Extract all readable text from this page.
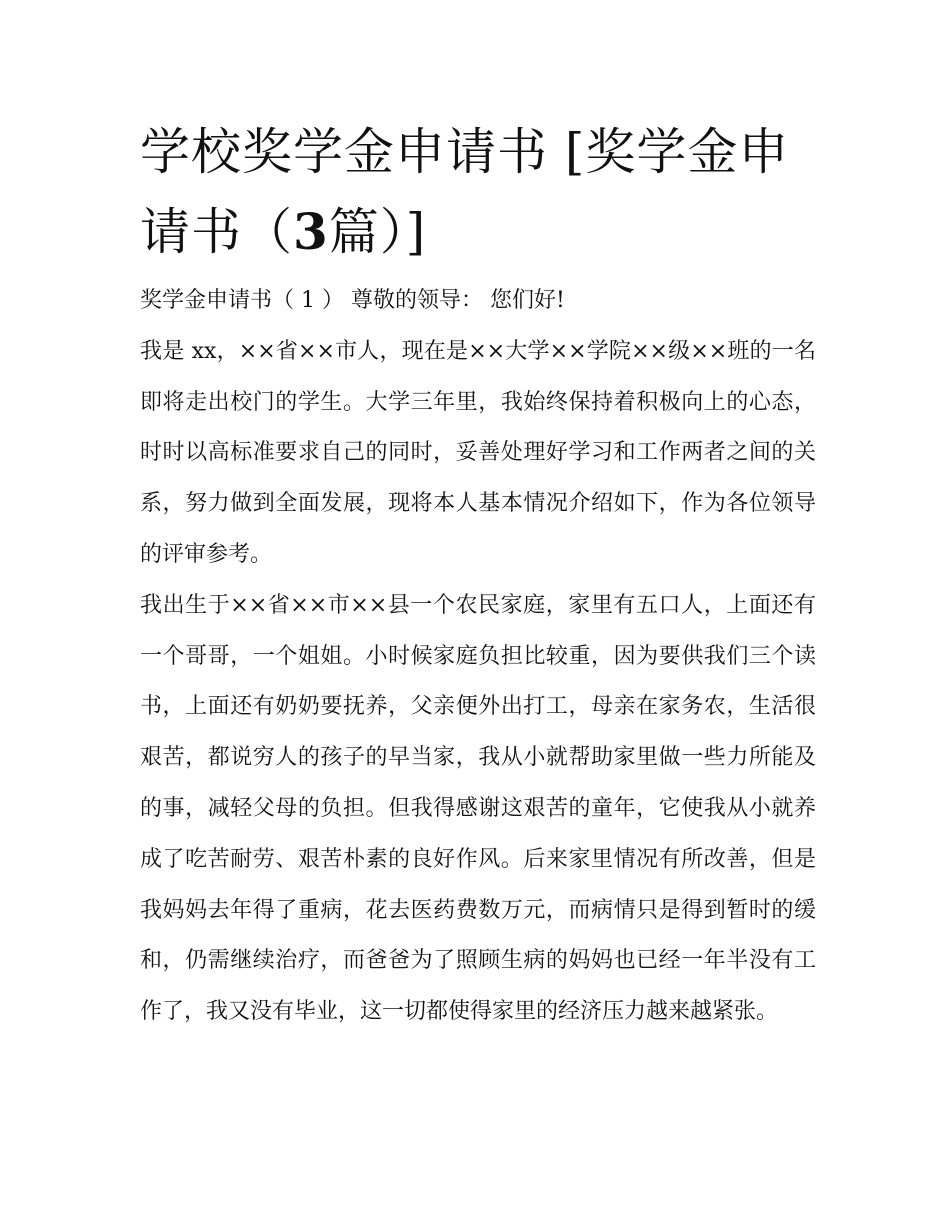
学校奖学金申请书 [奖学金申请书（3篇）]

奖学金申请书（ 1 ） 尊敬的领导： 您们好!

我是 xx，××省××市人，现在是××大学××学院××级××班的一名即将走出校门的学生。大学三年里，我始终保持着积极向上的心态，时时以高标准要求自己的同时，妥善处理好学习和工作两者之间的关系，努力做到全面发展，现将本人基本情况介绍如下，作为各位领导的评审参考。

我出生于××省××市××县一个农民家庭，家里有五口人，上面还有一个哥哥，一个姐姐。小时候家庭负担比较重，因为要供我们三个读书，上面还有奶奶要抚养，父亲便外出打工，母亲在家务农，生活很艰苦，都说穷人的孩子的早当家，我从小就帮助家里做一些力所能及的事，减轻父母的负担。但我得感谢这艰苦的童年，它使我从小就养成了吃苦耐劳、艰苦朴素的良好作风。后来家里情况有所改善，但是我妈妈去年得了重病，花去医药费数万元，而病情只是得到暂时的缓和，仍需继续治疗，而爸爸为了照顾生病的妈妈也已经一年半没有工作了，我又没有毕业，这一切都使得家里的经济压力越来越紧张。
